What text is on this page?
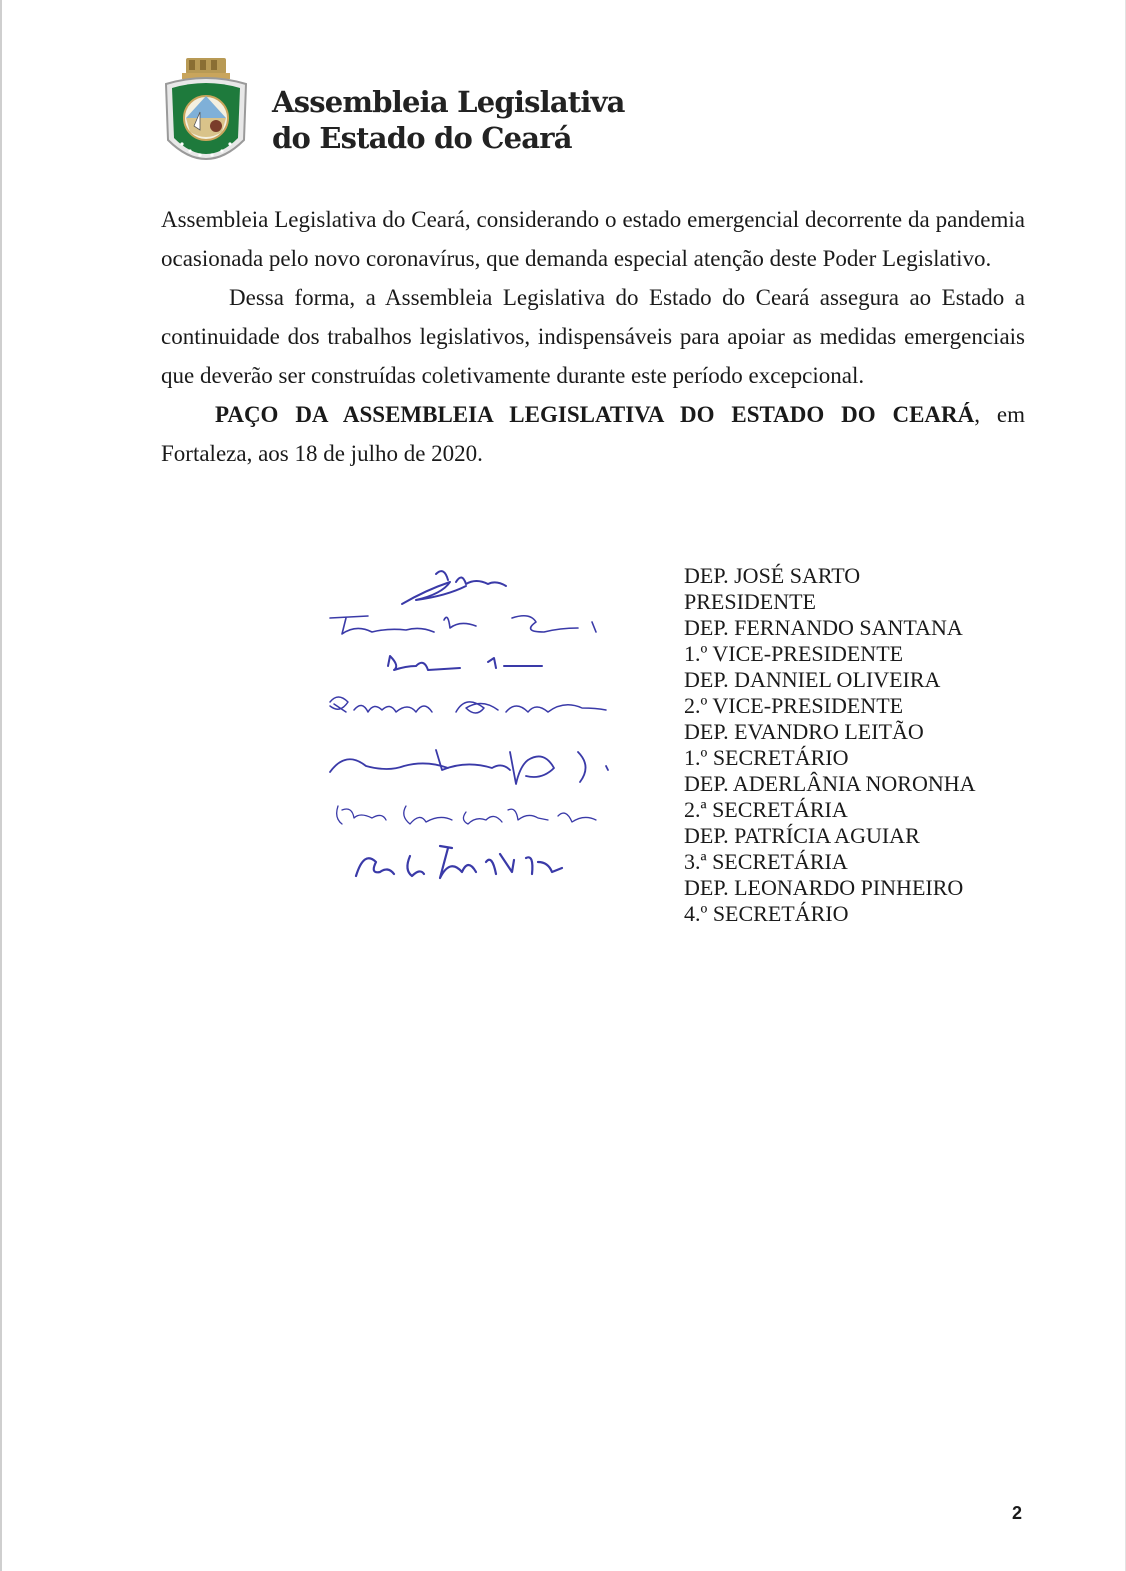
Assembleia Legislativa
do Estado do Ceará

Assembleia Legislativa do Ceará, considerando o estado emergencial decorrente da pandemia ocasionada pelo novo coronavírus, que demanda especial atenção deste Poder Legislativo.

Dessa forma, a Assembleia Legislativa do Estado do Ceará assegura ao Estado a continuidade dos trabalhos legislativos, indispensáveis para apoiar as medidas emergenciais que deverão ser construídas coletivamente durante este período excepcional.

PAÇO DA ASSEMBLEIA LEGISLATIVA DO ESTADO DO CEARÁ, em Fortaleza, aos 18 de julho de 2020.

DEP. JOSÉ SARTO
PRESIDENTE
DEP. FERNANDO SANTANA
1.º VICE-PRESIDENTE
DEP. DANNIEL OLIVEIRA
2.º VICE-PRESIDENTE
DEP. EVANDRO LEITÃO
1.º SECRETÁRIO
DEP. ADERLÂNIA NORONHA
2.ª SECRETÁRIA
DEP. PATRÍCIA AGUIAR
3.ª SECRETÁRIA
DEP. LEONARDO PINHEIRO
4.º SECRETÁRIO
2
